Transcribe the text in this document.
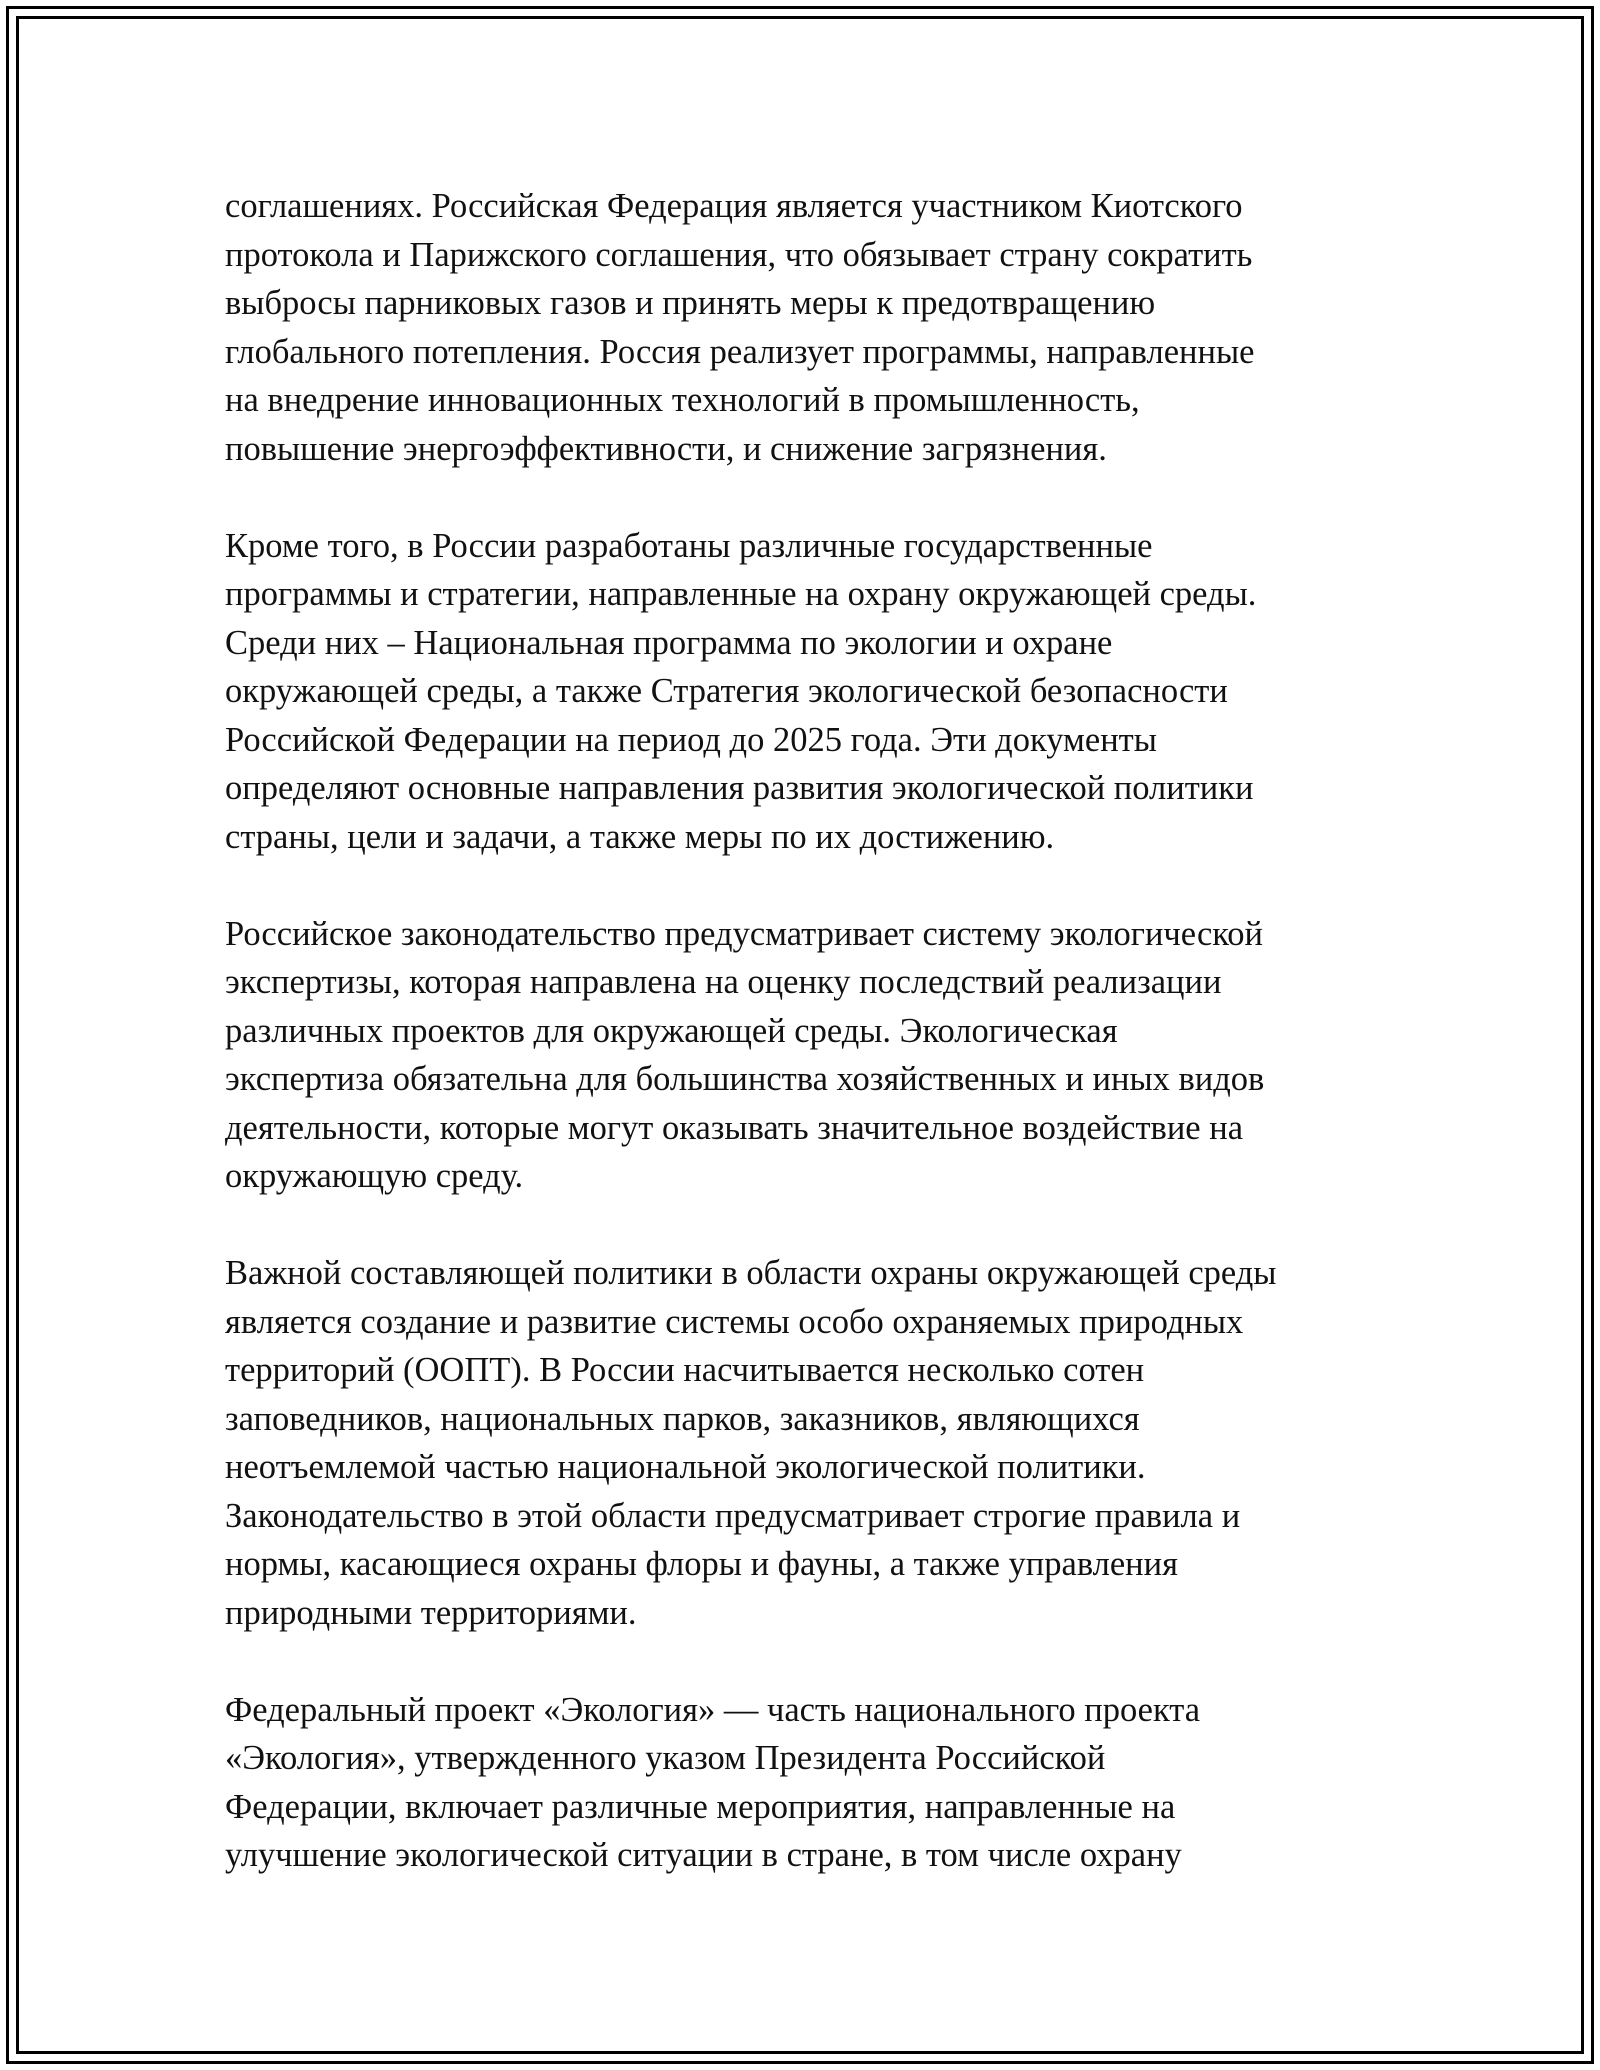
соглашениях. Российская Федерация является участником Киотского
протокола и Парижского соглашения, что обязывает страну сократить
выбросы парниковых газов и принять меры к предотвращению
глобального потепления. Россия реализует программы, направленные
на внедрение инновационных технологий в промышленность,
повышение энергоэффективности, и снижение загрязнения.

Кроме того, в России разработаны различные государственные
программы и стратегии, направленные на охрану окружающей среды.
Среди них – Национальная программа по экологии и охране
окружающей среды, а также Стратегия экологической безопасности
Российской Федерации на период до 2025 года. Эти документы
определяют основные направления развития экологической политики
страны, цели и задачи, а также меры по их достижению.

Российское законодательство предусматривает систему экологической
экспертизы, которая направлена на оценку последствий реализации
различных проектов для окружающей среды. Экологическая
экспертиза обязательна для большинства хозяйственных и иных видов
деятельности, которые могут оказывать значительное воздействие на
окружающую среду.

Важной составляющей политики в области охраны окружающей среды
является создание и развитие системы особо охраняемых природных
территорий (ООПТ). В России насчитывается несколько сотен
заповедников, национальных парков, заказников, являющихся
неотъемлемой частью национальной экологической политики.
Законодательство в этой области предусматривает строгие правила и
нормы, касающиеся охраны флоры и фауны, а также управления
природными территориями.

Федеральный проект «Экология» — часть национального проекта
«Экология», утвержденного указом Президента Российской
Федерации, включает различные мероприятия, направленные на
улучшение экологической ситуации в стране, в том числе охрану
